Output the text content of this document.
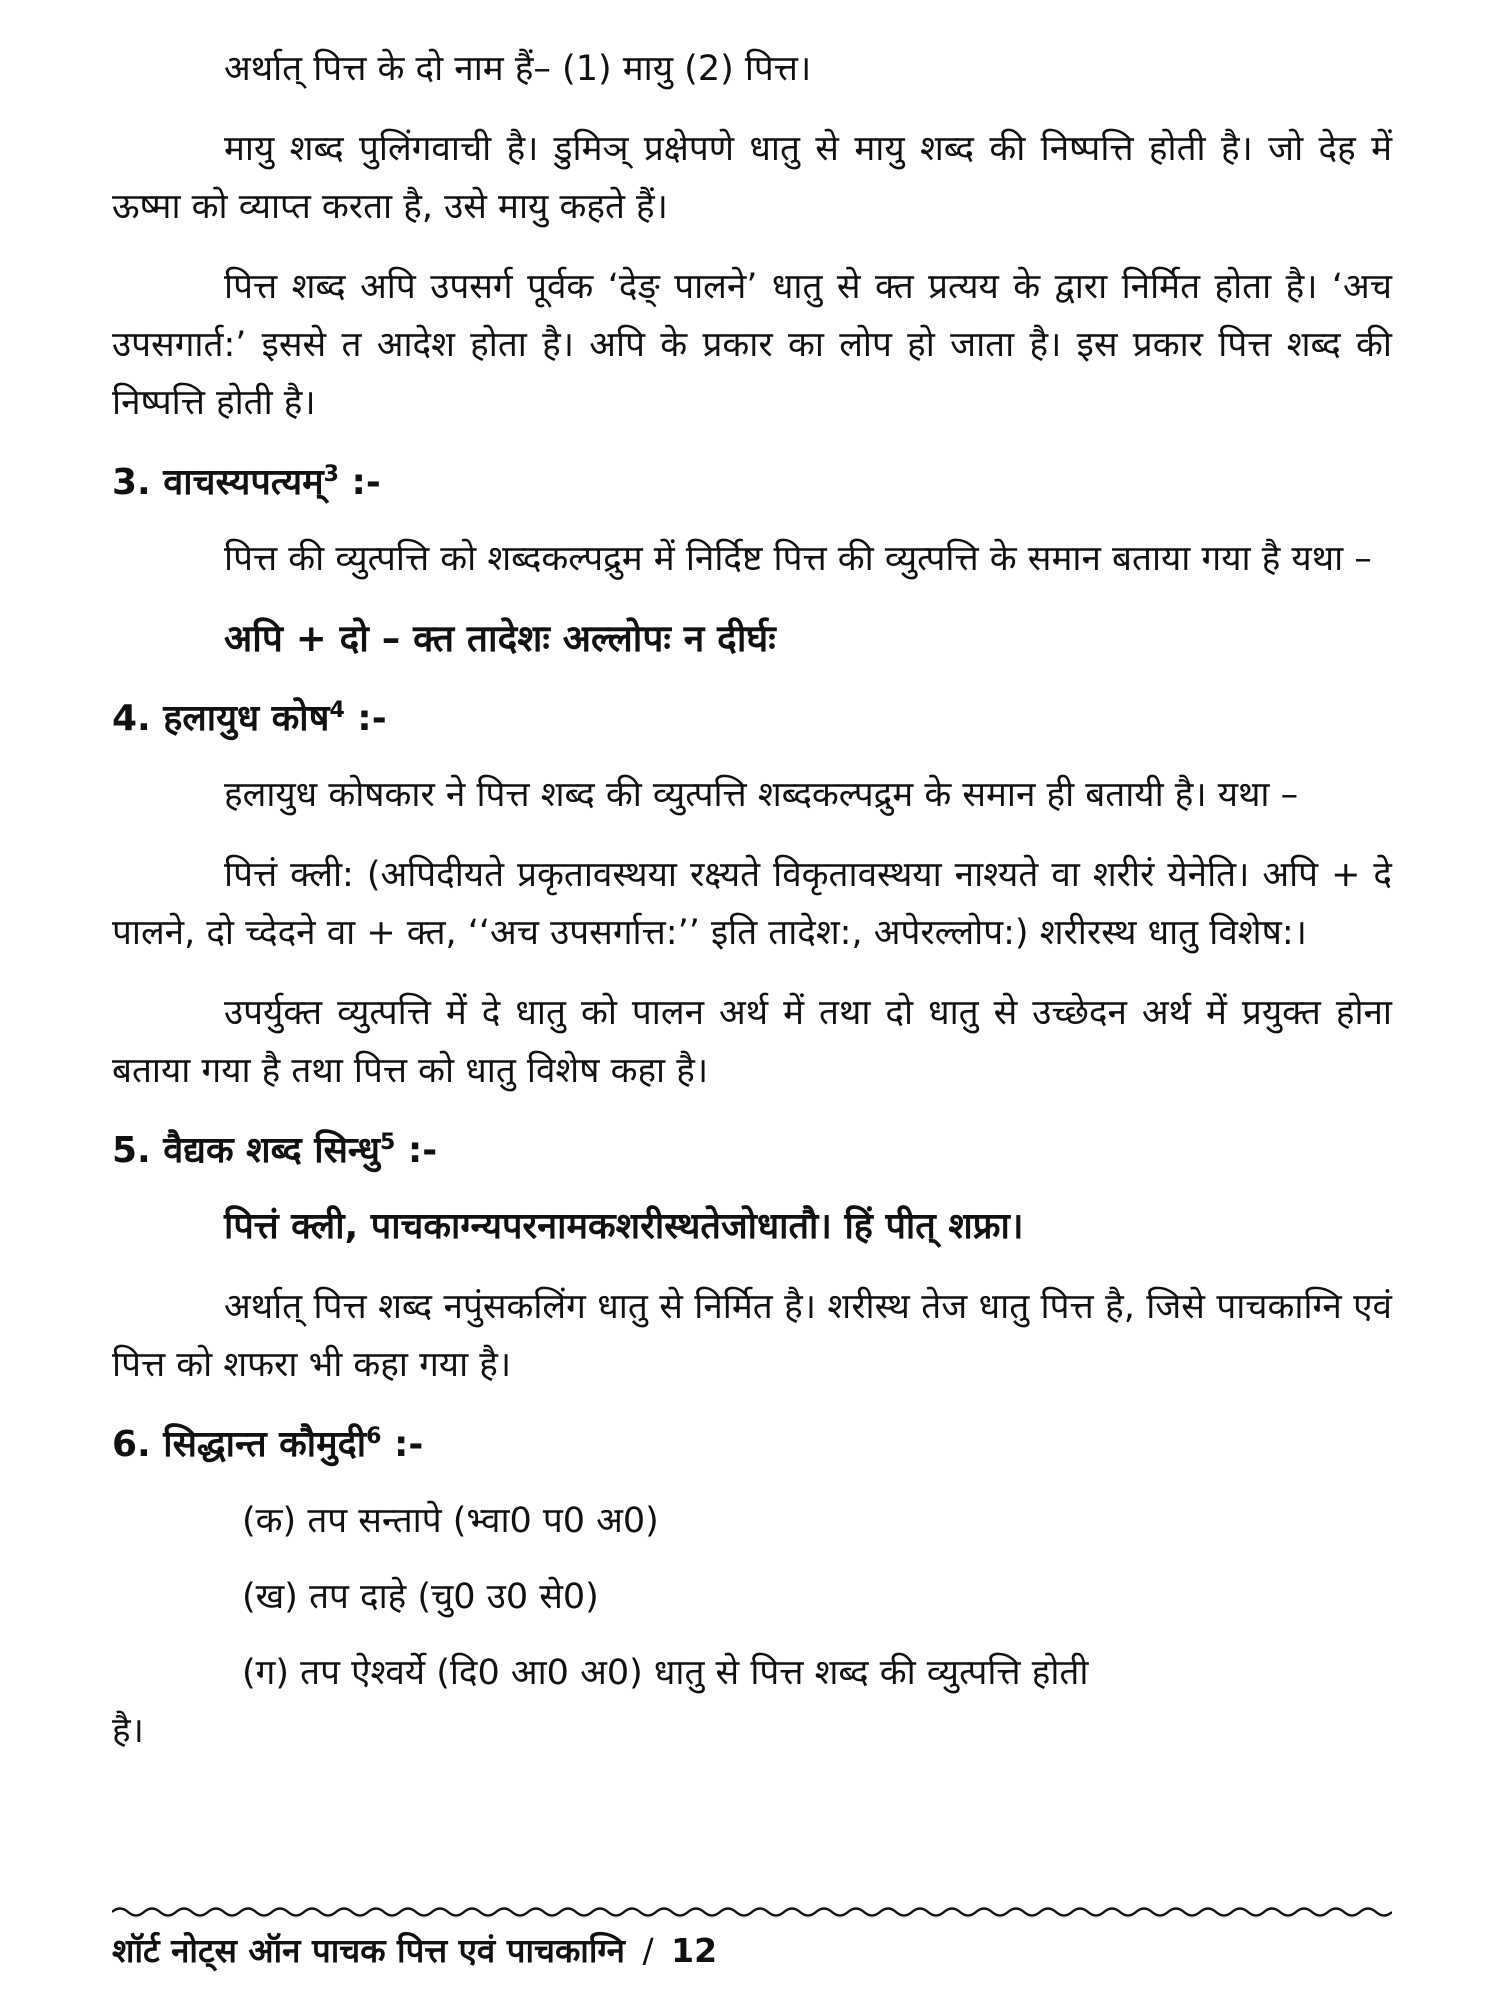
अर्थात् पित्त के दो नाम हैं– (1) मायु (2) पित्त।

मायु शब्द पुलिंगवाची है। डुमिञ् प्रक्षेपणे धातु से मायु शब्द की निष्पत्ति होती है। जो देह में ऊष्मा को व्याप्त करता है, उसे मायु कहते हैं।

पित्त शब्द अपि उपसर्ग पूर्वक ‘देङ् पालने’ धातु से क्त प्रत्यय के द्वारा निर्मित होता है। ‘अच उपसगार्त:’ इससे त आदेश होता है। अपि के प्रकार का लोप हो जाता है। इस प्रकार पित्त शब्द की निष्पत्ति होती है।

3. वाचस्यपत्यम्$^3$ :-

पित्त की व्युत्पत्ति को शब्दकल्पद्रुम में निर्दिष्ट पित्त की व्युत्पत्ति के समान बताया गया है यथा –

अपि + दो – क्त तादेशः अल्लोपः न दीर्घः

4. हलायुध कोष$^4$ :-

हलायुध कोषकार ने पित्त शब्द की व्युत्पत्ति शब्दकल्पद्रुम के समान ही बतायी है। यथा –

पित्तं क्ली: (अपिदीयते प्रकृतावस्थया रक्ष्यते विकृतावस्थया नाश्यते वा शरीरं येनेति। अपि + दे पालने, दो च्देदने वा + क्त, ‘‘अच उपसर्गात्त:’’ इति तादेश:, अपेरल्लोप:) शरीरस्थ धातु विशेष:।

उपर्युक्त व्युत्पत्ति में दे धातु को पालन अर्थ में तथा दो धातु से उच्छेदन अर्थ में प्रयुक्त होना बताया गया है तथा पित्त को धातु विशेष कहा है।

5. वैद्यक शब्द सिन्धु$^5$ :-

पित्तं क्ली, पाचकाग्न्यपरनामकशरीस्थतेजोधातौ। हिं पीत् शफ्रा।

अर्थात् पित्त शब्द नपुंसकलिंग धातु से निर्मित है। शरीस्थ तेज धातु पित्त है, जिसे पाचकाग्नि एवं पित्त को शफरा भी कहा गया है।

6. सिद्धान्त कौमुदी$^6$ :-

(क) तप सन्तापे (भ्वा0 प0 अ0)

(ख) तप दाहे (चु0 उ0 से0)

(ग) तप ऐश्वर्ये (दि0 आ0 अ0) धातु से पित्त शब्द की व्युत्पत्ति होती

है।

शॉर्ट नोट्स ऑन पाचक पित्त एवं पाचकाग्नि / 12
